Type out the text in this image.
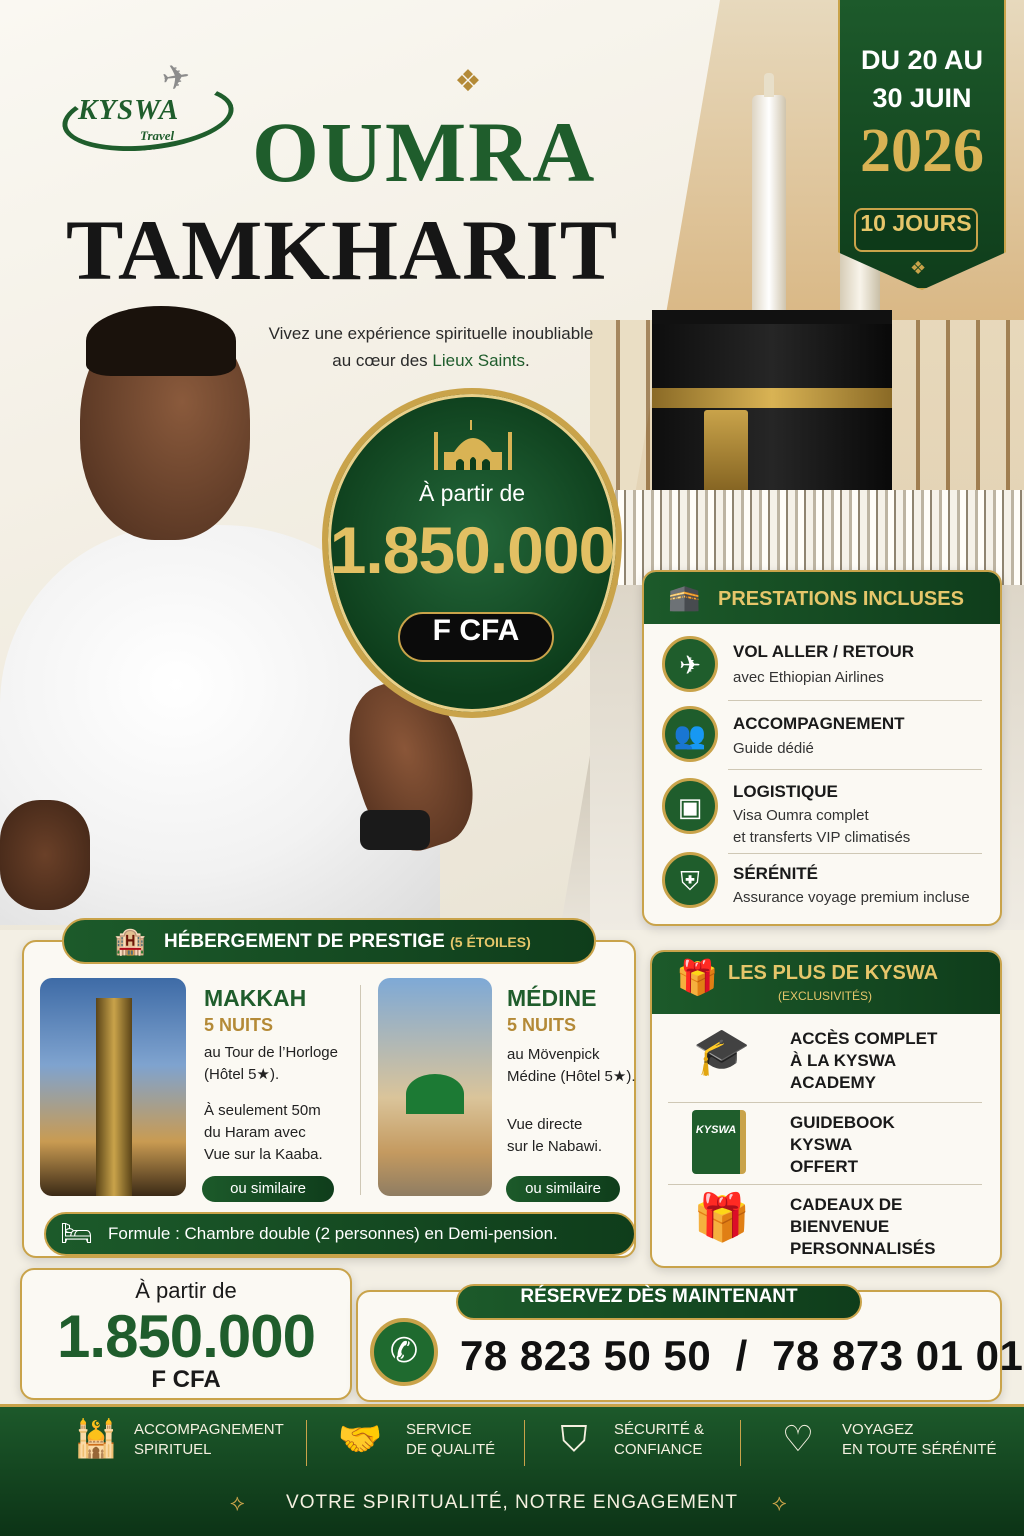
✈
KYSWA
Travel
❖
OUMRA
TAMKHARIT
Vivez une expérience spirituelle inoubliable au cœur des Lieux Saints.
DU 20 AU
30 JUIN
2026
10 JOURS
❖
À partir de
1.850.000
F CFA
🕋 PRESTATIONS INCLUSES
✈	VOL ALLER / RETOUR
avec Ethiopian Airlines
👥	ACCOMPAGNEMENT
Guide dédié
▣
LOGISTIQUE
Visa Oumra complet
et transferts VIP climatisés
⛨	SÉRÉNITÉ
Assurance voyage premium incluse
🏨 HÉBERGEMENT DE PRESTIGE (5 ÉTOILES)
MAKKAH
5 NUITS
au Tour de l’Horloge
(Hôtel 5★).
À seulement 50m
du Haram avec
Vue sur la Kaaba.
ou similaire
MÉDINE
5 NUITS
au Mövenpick
Médine (Hôtel 5★).
Vue directe
sur le Nabawi.
ou similaire
🛏 Formule : Chambre double (2 personnes) en Demi-pension.
🎁 LES PLUS DE KYSWA
(EXCLUSIVITÉS)
🎓	ACCÈS COMPLET
À LA KYSWA
ACADEMY
KYSWA	GUIDEBOOK
KYSWA
OFFERT
🎁	CADEAUX DE
BIENVENUE
PERSONNALISÉS
À partir de
1.850.000
F CFA
RÉSERVEZ DÈS MAINTENANT
✆ 78 823 50 50  /  78 873 01 01
🕌	ACCOMPAGNEMENT
SPIRITUEL	🤝	SERVICE
DE QUALITÉ	⛉	SÉCURITÉ &
CONFIANCE	♡	VOYAGEZ
EN TOUTE SÉRÉNITÉ
⟡	VOTRE SPIRITUALITÉ, NOTRE ENGAGEMENT	⟡
